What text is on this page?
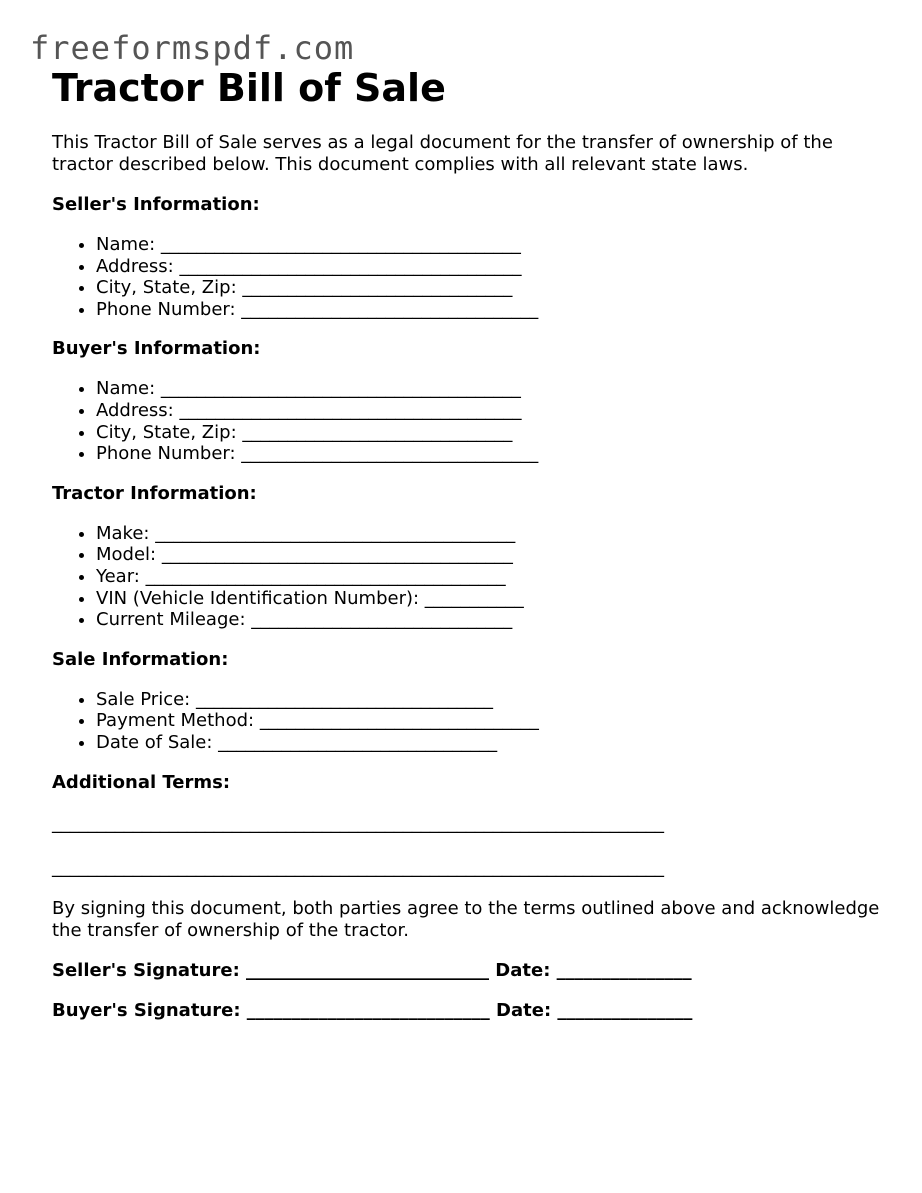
freeformspdf.com
Tractor Bill of Sale

This Tractor Bill of Sale serves as a legal document for the transfer of ownership of the tractor described below. This document complies with all relevant state laws.

Seller's Information:
• Name: ________________________________________
• Address: ______________________________________
• City, State, Zip: ______________________________
• Phone Number: _________________________________
Buyer's Information:
• Name: ________________________________________
• Address: ______________________________________
• City, State, Zip: ______________________________
• Phone Number: _________________________________
Tractor Information:
• Make: ________________________________________
• Model: _______________________________________
• Year: ________________________________________
• VIN (Vehicle Identification Number): ___________
• Current Mileage: _____________________________
Sale Information:
• Sale Price: _________________________________
• Payment Method: _______________________________
• Date of Sale: _______________________________
Additional Terms:

____________________________________________________________________

____________________________________________________________________

By signing this document, both parties agree to the terms outlined above and acknowledge the transfer of ownership of the tractor.

Seller's Signature: ___________________________ Date: _______________

Buyer's Signature: ___________________________ Date: _______________
